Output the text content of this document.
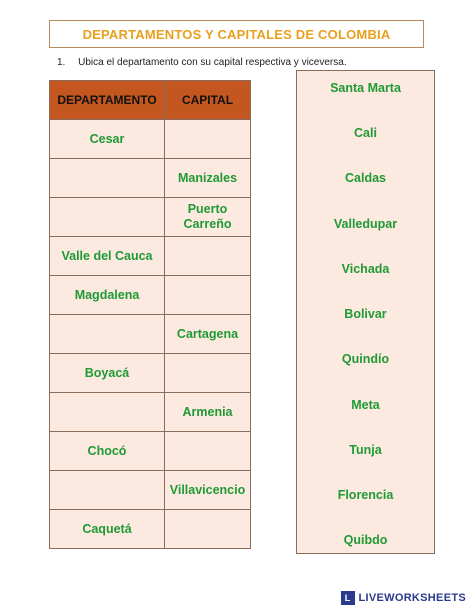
DEPARTAMENTOS Y CAPITALES DE COLOMBIA
1. Ubica el departamento con su capital respectiva y viceversa.
DEPARTAMENTO	CAPITAL
Cesar	
	Manizales
	Puerto Carreño
Valle del Cauca	
Magdalena	
	Cartagena
Boyacá	
	Armenia
Chocó	
	Villavicencio
Caquetá	
Santa Marta
Cali
Caldas
Valledupar
Vichada
Bolivar
Quindío
Meta
Tunja
Florencia
Quibdo
L LIVEWORKSHEETS
